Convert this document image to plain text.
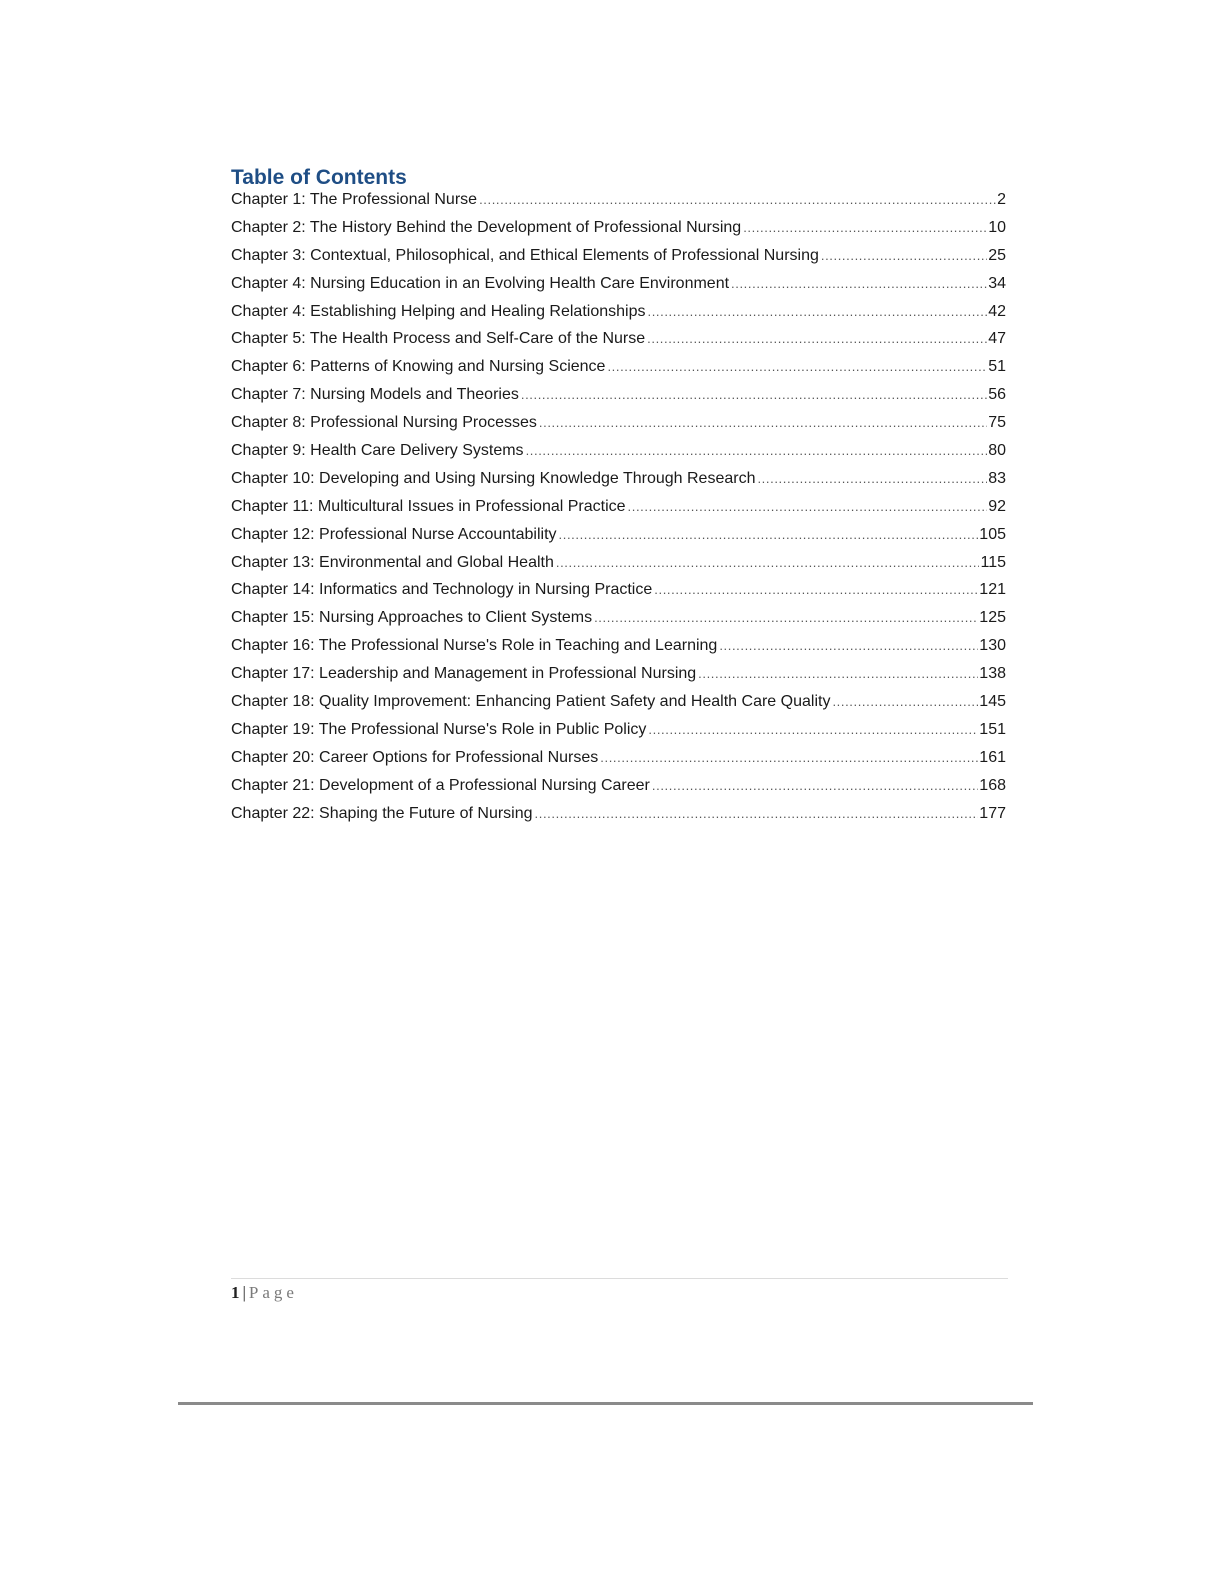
Table of Contents
Chapter 1: The Professional Nurse .....	2
Chapter 2: The History Behind the Development of Professional Nursing .....	10
Chapter 3: Contextual, Philosophical, and Ethical Elements of Professional Nursing .....	25
Chapter 4: Nursing Education in an Evolving Health Care Environment .....	34
Chapter 4: Establishing Helping and Healing Relationships .....	42
Chapter 5: The Health Process and Self-Care of the Nurse .....	47
Chapter 6: Patterns of Knowing and Nursing Science .....	51
Chapter 7: Nursing Models and Theories .....	56
Chapter 8: Professional Nursing Processes .....	75
Chapter 9: Health Care Delivery Systems .....	80
Chapter 10: Developing and Using Nursing Knowledge Through Research .....	83
Chapter 11: Multicultural Issues in Professional Practice .....	92
Chapter 12: Professional Nurse Accountability .....	105
Chapter 13: Environmental and Global Health .....	115
Chapter 14: Informatics and Technology in Nursing Practice .....	121
Chapter 15: Nursing Approaches to Client Systems .....	125
Chapter 16: The Professional Nurse's Role in Teaching and Learning .....	130
Chapter 17: Leadership and Management in Professional Nursing .....	138
Chapter 18: Quality Improvement: Enhancing Patient Safety and Health Care Quality .....	145
Chapter 19: The Professional Nurse's Role in Public Policy .....	151
Chapter 20: Career Options for Professional Nurses .....	161
Chapter 21: Development of a Professional Nursing Career .....	168
Chapter 22: Shaping the Future of Nursing .....	177
1 | Page
